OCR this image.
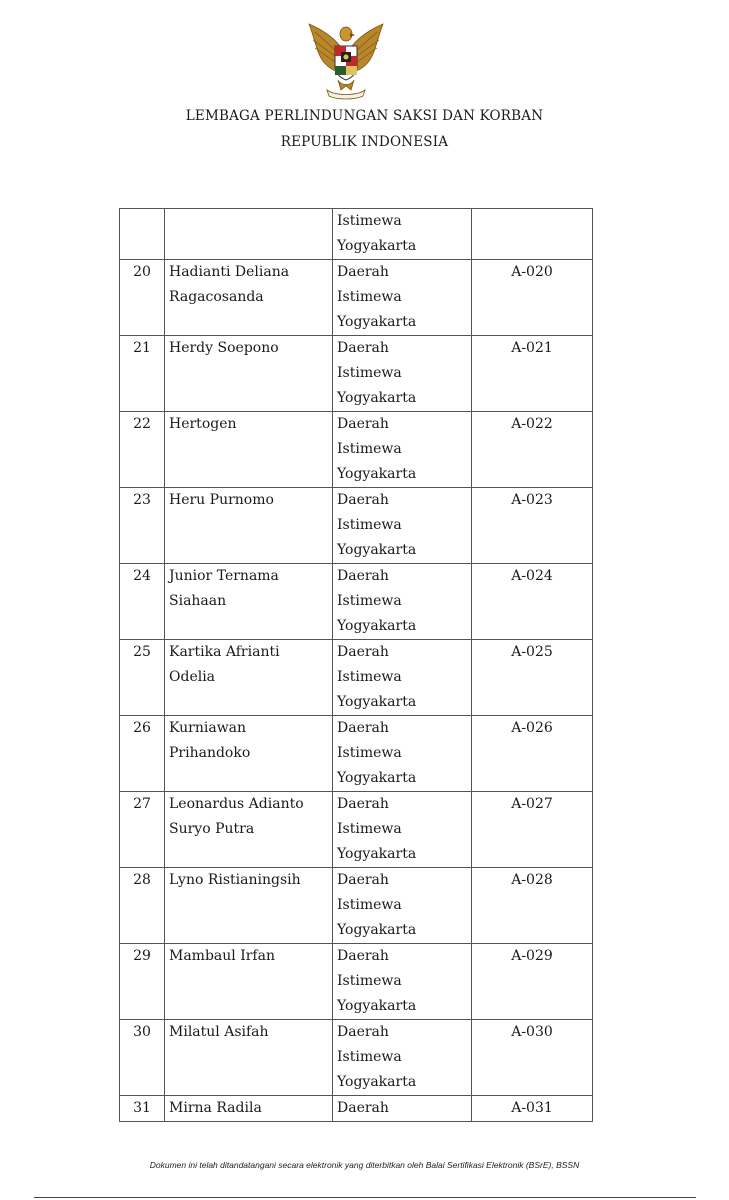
LEMBAGA PERLINDUNGAN SAKSI DAN KORBAN
REPUBLIK INDONESIA

		Istimewa
Yogyakarta	

20	Hadianti Deliana Ragacosanda	Daerah
Istimewa
Yogyakarta	A-020
21	Herdy Soepono	Daerah
Istimewa
Yogyakarta	A-021
22	Hertogen	Daerah
Istimewa
Yogyakarta	A-022
23	Heru Purnomo	Daerah
Istimewa
Yogyakarta	A-023
24	Junior Ternama Siahaan	Daerah
Istimewa
Yogyakarta	A-024
25	Kartika Afrianti Odelia	Daerah
Istimewa
Yogyakarta	A-025
26	Kurniawan Prihandoko	Daerah
Istimewa
Yogyakarta	A-026
27	Leonardus Adianto Suryo Putra	Daerah
Istimewa
Yogyakarta	A-027
28	Lyno Ristianingsih	Daerah
Istimewa
Yogyakarta	A-028
29	Mambaul Irfan	Daerah
Istimewa
Yogyakarta	A-029
30	Milatul Asifah	Daerah
Istimewa
Yogyakarta	A-030
31	Mirna Radila	Daerah	A-031
Dokumen ini telah ditandatangani secara elektronik yang diterbitkan oleh Balai Sertifikasi Elektronik (BSrE), BSSN
